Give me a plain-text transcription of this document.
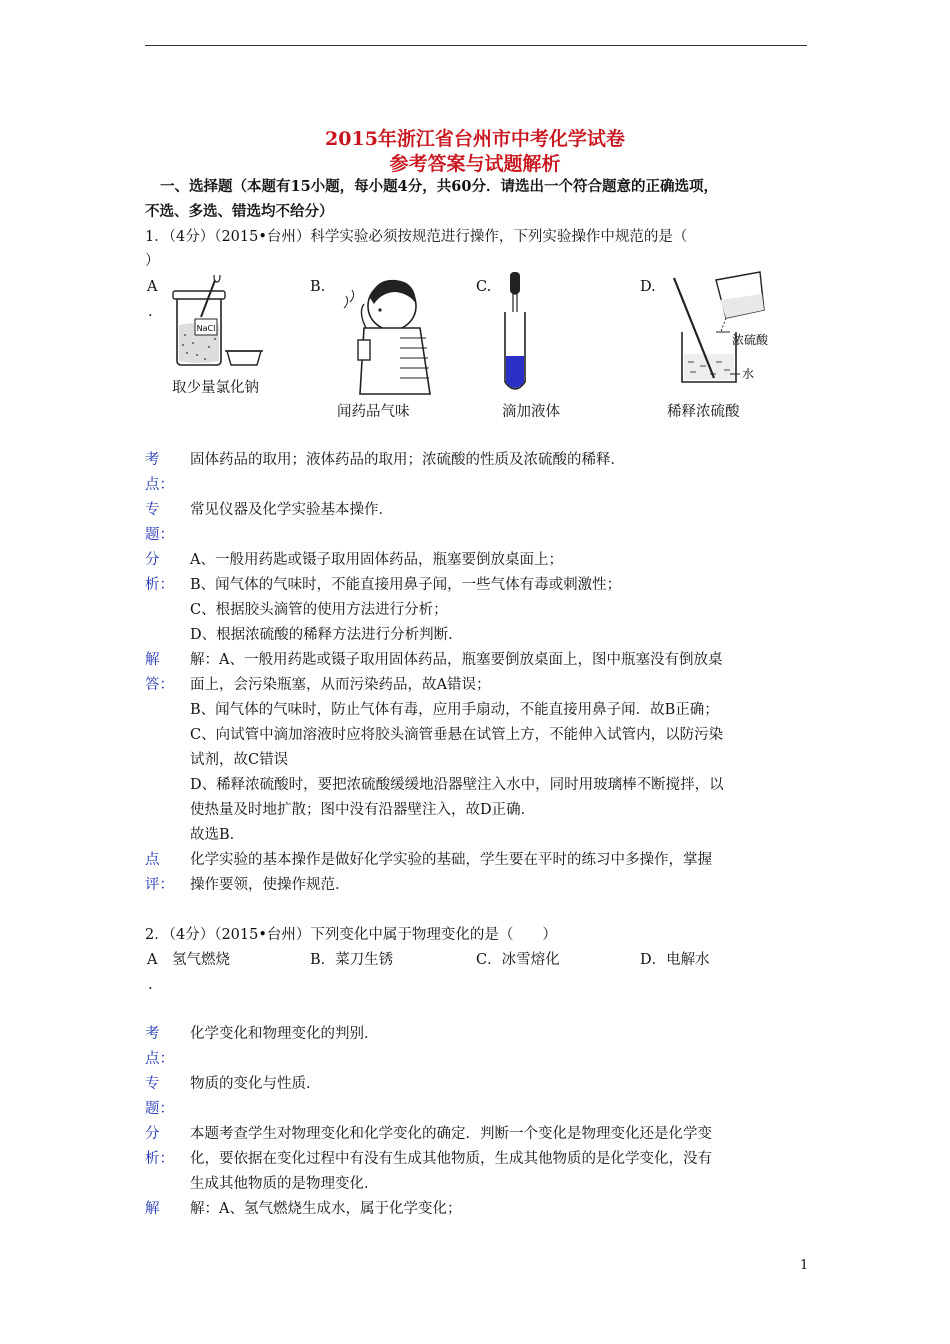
2015年浙江省台州市中考化学试卷
参考答案与试题解析
一、选择题（本题有15小题，每小题4分，共60分．请选出一个符合题意的正确选项，
不选、多选、错选均不给分）
1．（4分）（2015•台州）科学实验必须按规范进行操作，下列实验操作中规范的是（
）
A
.
B.	C.	D.
NaCl
取少量氯化钠
闻药品气味	滴加液体
浓硫酸
水
稀释浓硫酸
考
点：
固体药品的取用；液体药品的取用；浓硫酸的性质及浓硫酸的稀释．
专
题：
常见仪器及化学实验基本操作．
分
析：
A、一般用药匙或镊子取用固体药品，瓶塞要倒放桌面上；
B、闻气体的气味时，不能直接用鼻子闻，一些气体有毒或刺激性；
C、根据胶头滴管的使用方法进行分析；
D、根据浓硫酸的稀释方法进行分析判断．
解
答：
解：A、一般用药匙或镊子取用固体药品，瓶塞要倒放桌面上，图中瓶塞没有倒放桌
面上，会污染瓶塞，从而污染药品，故A错误；
B、闻气体的气味时，防止气体有毒，应用手扇动，不能直接用鼻子闻．故B正确；
C、向试管中滴加溶液时应将胶头滴管垂悬在试管上方，不能伸入试管内，以防污染
试剂，故C错误
D、稀释浓硫酸时，要把浓硫酸缓缓地沿器壁注入水中，同时用玻璃棒不断搅拌，以
使热量及时地扩散；图中没有沿器壁注入，故D正确．
故选B．
点
评：
化学实验的基本操作是做好化学实验的基础，学生要在平时的练习中多操作，掌握
操作要领，使操作规范．
2．（4分）（2015•台州）下列变化中属于物理变化的是（　　）
A 氢气燃烧	B．菜刀生锈	C．冰雪熔化	D．电解水
.
考
点：
化学变化和物理变化的判别．
专
题：
物质的变化与性质．
分
析：
本题考查学生对物理变化和化学变化的确定．判断一个变化是物理变化还是化学变
化，要依据在变化过程中有没有生成其他物质，生成其他物质的是化学变化，没有
生成其他物质的是物理变化．
解 解：A、氢气燃烧生成水，属于化学变化；
1
